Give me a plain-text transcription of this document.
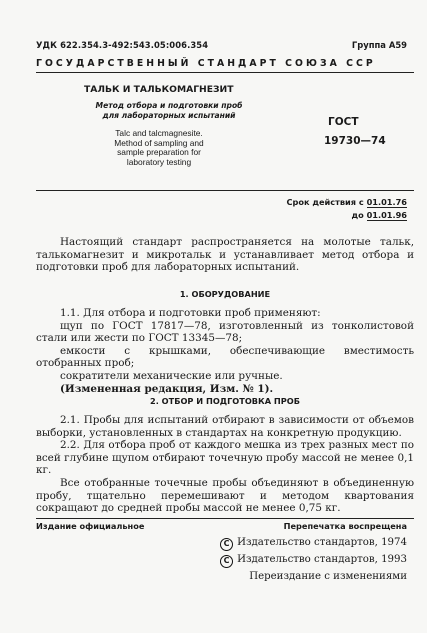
УДК 622.354.3-492:543.05:006.354	Группа А59
ГОСУДАРСТВЕННЫЙ СТАНДАРТ СОЮЗА ССР
ТАЛЬК И ТАЛЬКОМАГНЕЗИТ
Метод отбора и подготовки проб
для лабораторных испытаний
Talc and talcmagnesite.
Method of sampling and
sample preparation for
laboratory testing
ГОСТ
19730—74
Срок действия с 01.01.76
до 01.01.96

Настоящий стандарт распространяется на молотые тальк, талькомагнезит и микротальк и устанавливает метод отбора и подготовки проб для лабораторных испытаний.

1. ОБОРУДОВАНИЕ

1.1. Для отбора и подготовки проб применяют:

щуп по ГОСТ 17817—78, изготовленный из тонколистовой стали или жести по ГОСТ 13345—78;

емкости с крышками, обеспечивающие вместимость отобранных проб;

сократители механические или ручные.

(Измененная редакция, Изм. № 1).

2. ОТБОР И ПОДГОТОВКА ПРОБ

2.1. Пробы для испытаний отбирают в зависимости от объемов выборки, установленных в стандартах на конкретную продукцию.

2.2. Для отбора проб от каждого мешка из трех разных мест по всей глубине щупом отбирают точечную пробу массой не менее 0,1 кг.

Все отобранные точечные пробы объединяют в объединенную пробу, тщательно перемешивают и методом квартования сокращают до средней пробы массой не менее 0,75 кг.

Издание официальное	Перепечатка воспрещена
C Издательство стандартов, 1974
C Издательство стандартов, 1993
Переиздание с изменениями
